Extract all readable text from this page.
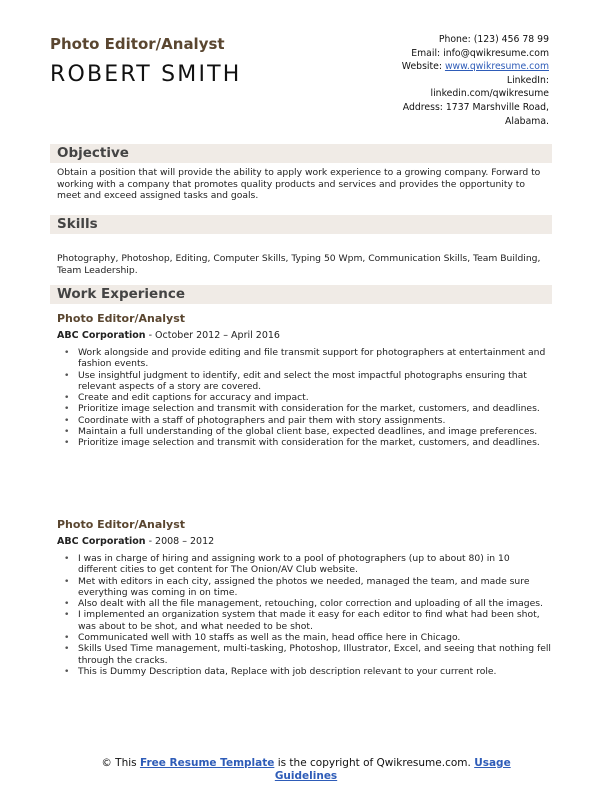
Photo Editor/Analyst
ROBERT SMITH
Phone: (123) 456 78 99
Email: info@qwikresume.com
Website: www.qwikresume.com
LinkedIn:
linkedin.com/qwikresume
Address: 1737 Marshville Road,
Alabama.
Objective
Obtain a position that will provide the ability to apply work experience to a growing company. Forward to working with a company that promotes quality products and services and provides the opportunity to meet and exceed assigned tasks and goals.
Skills
Photography, Photoshop, Editing, Computer Skills, Typing 50 Wpm, Communication Skills, Team Building, Team Leadership.
Work Experience
Photo Editor/Analyst
ABC Corporation - October 2012 – April 2016
• Work alongside and provide editing and file transmit support for photographers at entertainment and fashion events.
• Use insightful judgment to identify, edit and select the most impactful photographs ensuring that relevant aspects of a story are covered.
• Create and edit captions for accuracy and impact.
• Prioritize image selection and transmit with consideration for the market, customers, and deadlines.
• Coordinate with a staff of photographers and pair them with story assignments.
• Maintain a full understanding of the global client base, expected deadlines, and image preferences.
• Prioritize image selection and transmit with consideration for the market, customers, and deadlines.
Photo Editor/Analyst
ABC Corporation - 2008 – 2012
• I was in charge of hiring and assigning work to a pool of photographers (up to about 80) in 10 different cities to get content for The Onion/AV Club website.
• Met with editors in each city, assigned the photos we needed, managed the team, and made sure everything was coming in on time.
• Also dealt with all the file management, retouching, color correction and uploading of all the images.
• I implemented an organization system that made it easy for each editor to find what had been shot, was about to be shot, and what needed to be shot.
• Communicated well with 10 staffs as well as the main, head office here in Chicago.
• Skills Used Time management, multi-tasking, Photoshop, Illustrator, Excel, and seeing that nothing fell through the cracks.
• This is Dummy Description data, Replace with job description relevant to your current role.
© This Free Resume Template is the copyright of Qwikresume.com. Usage Guidelines
